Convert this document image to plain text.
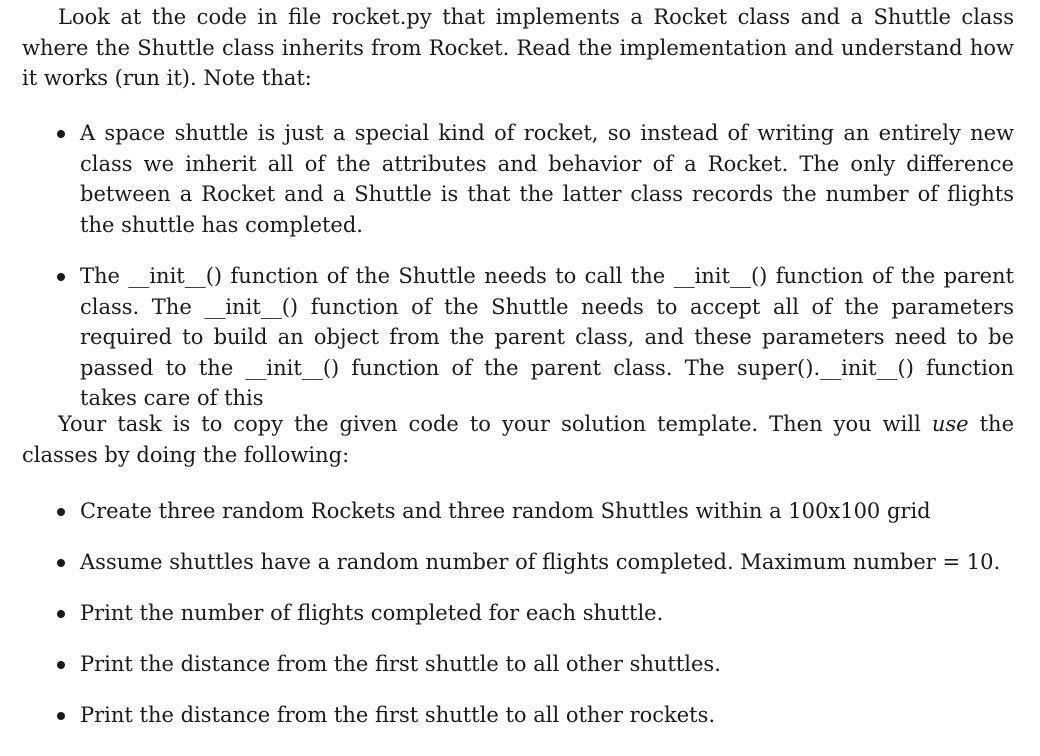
Look at the code in file rocket.py that implements a Rocket class and a Shuttle class where the Shuttle class inherits from Rocket. Read the implementation and understand how it works (run it). Note that:

A space shuttle is just a special kind of rocket, so instead of writing an entirely new class we inherit all of the attributes and behavior of a Rocket. The only difference between a Rocket and a Shuttle is that the latter class records the number of flights the shuttle has completed.
The __init__() function of the Shuttle needs to call the __init__() function of the parent class. The __init__() function of the Shuttle needs to accept all of the parameters required to build an object from the parent class, and these parameters need to be passed to the __init__() function of the parent class. The super().__init__() function takes care of this

Your task is to copy the given code to your solution template. Then you will use the classes by doing the following:

Create three random Rockets and three random Shuttles within a 100x100 grid
Assume shuttles have a random number of flights completed. Maximum number = 10.
Print the number of flights completed for each shuttle.
Print the distance from the first shuttle to all other shuttles.
Print the distance from the first shuttle to all other rockets.
